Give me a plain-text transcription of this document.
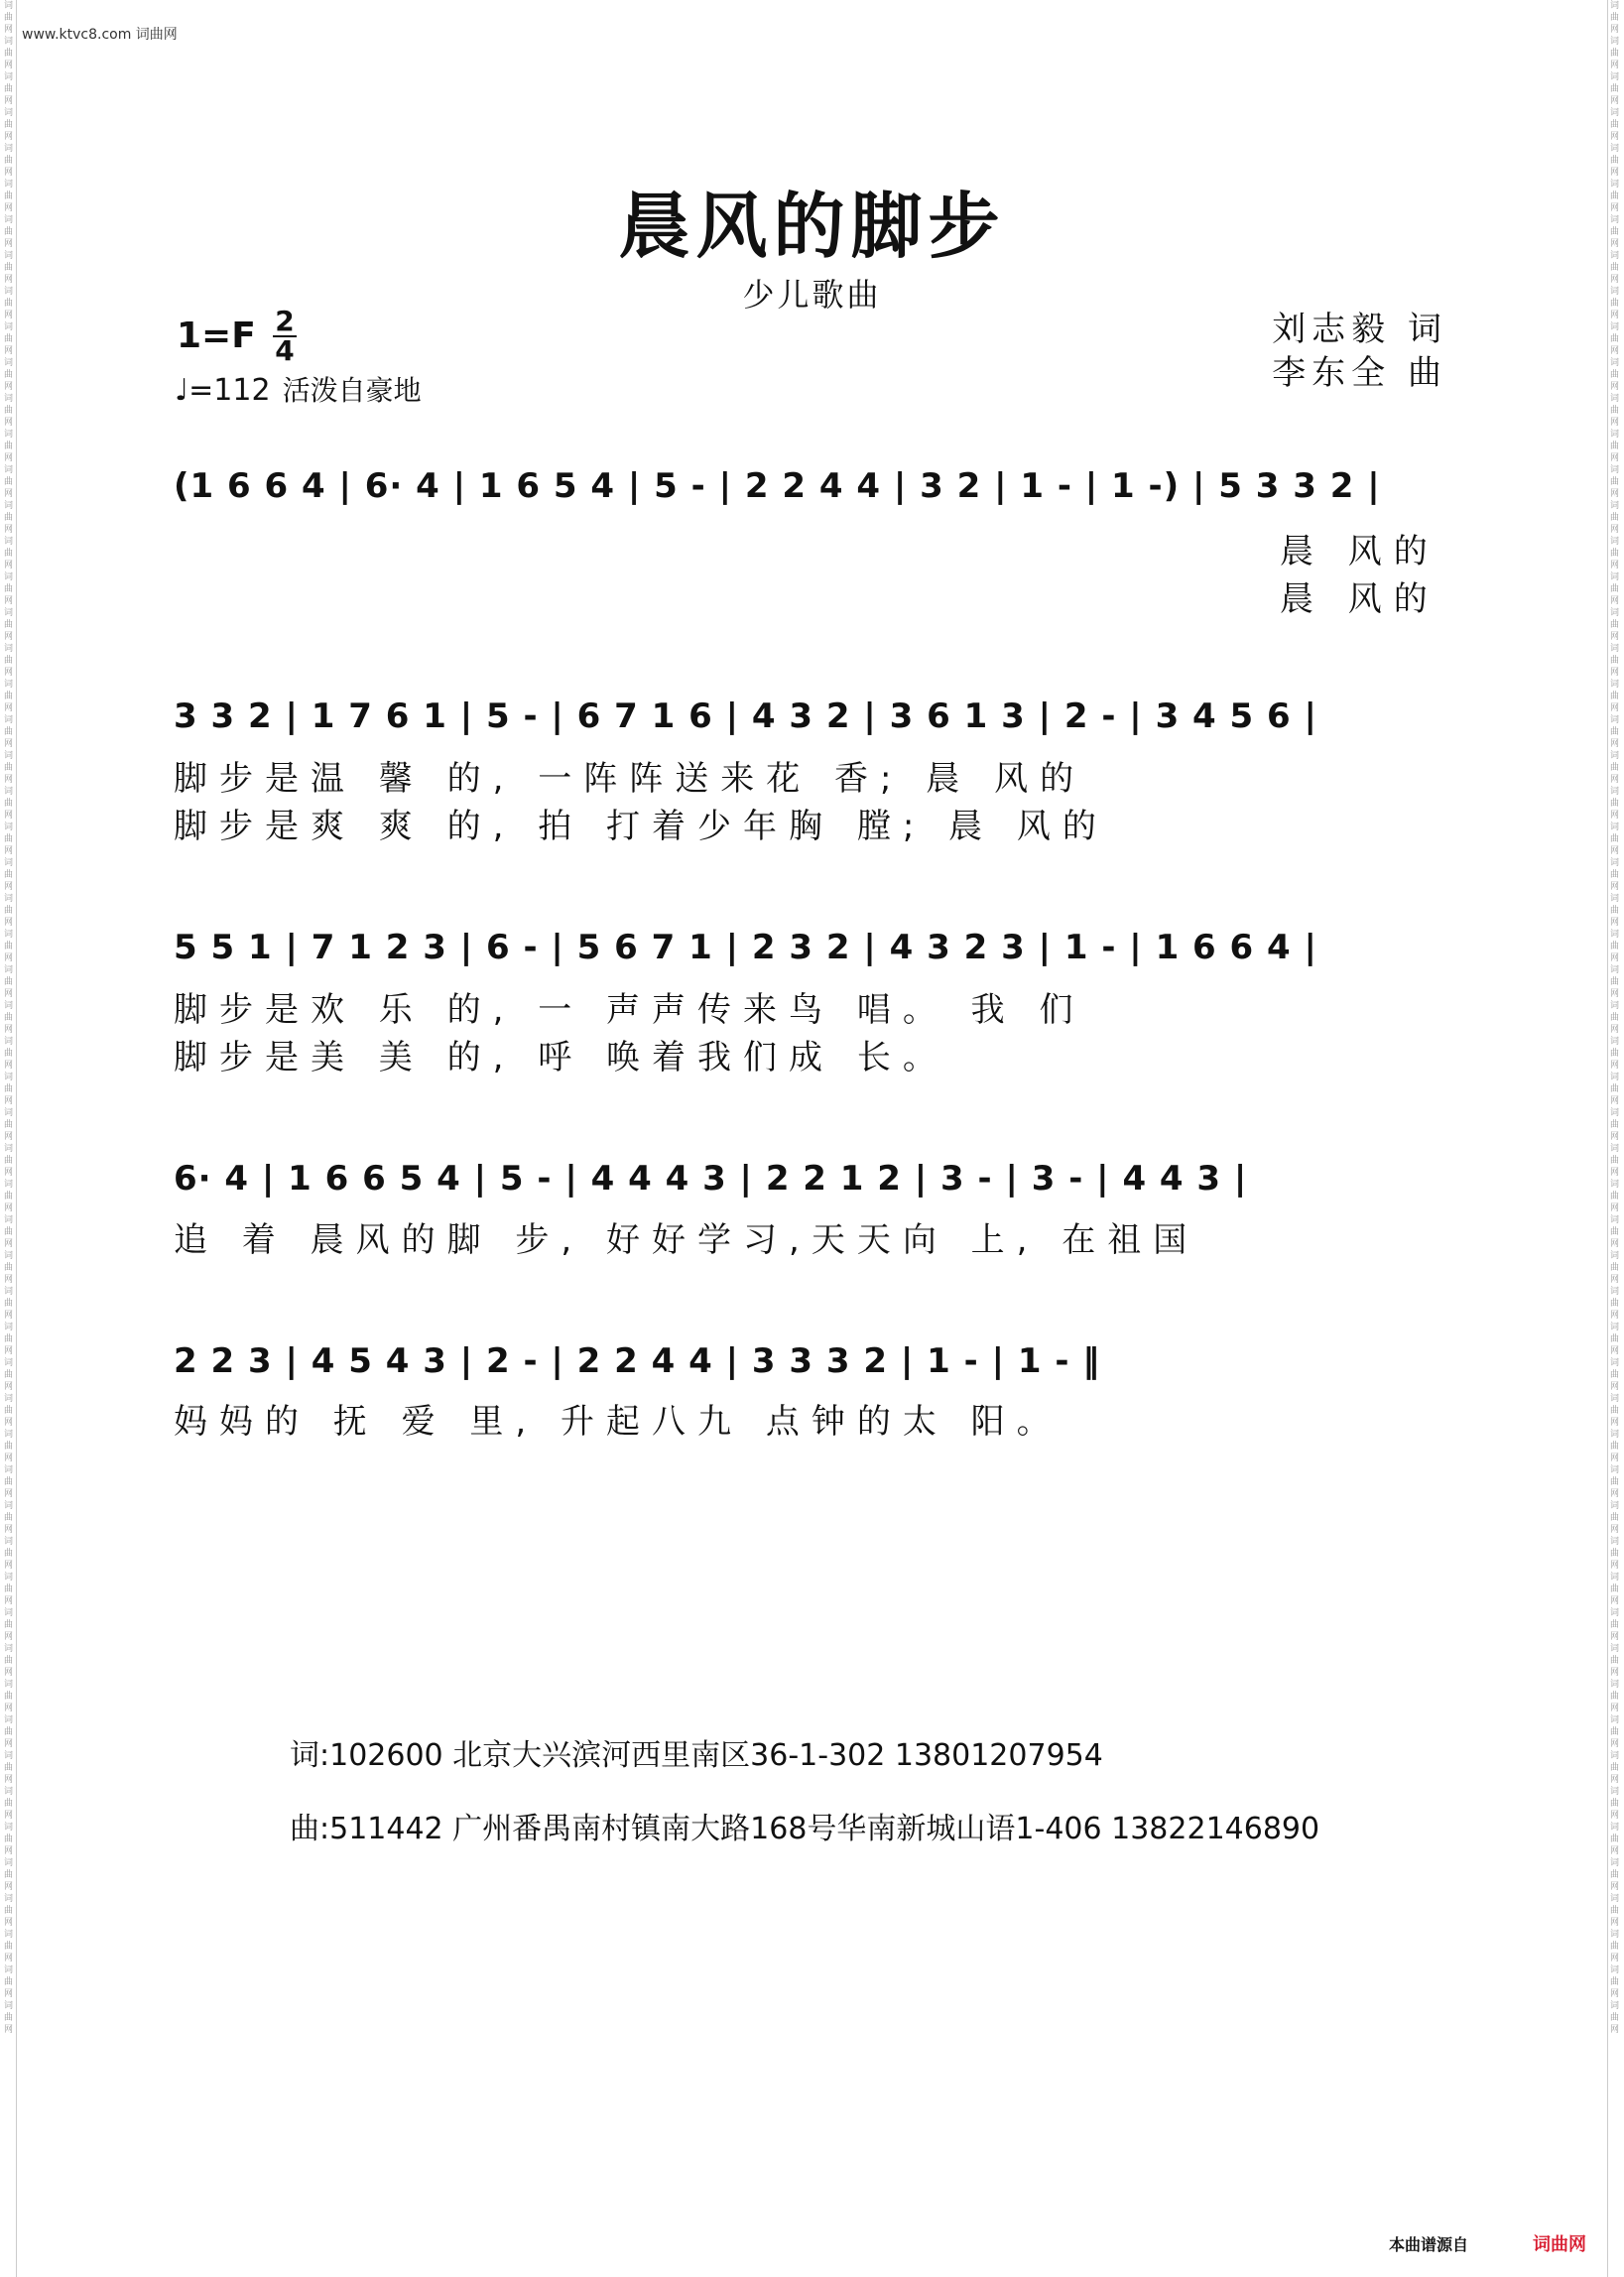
词曲网词曲网词曲网词曲网词曲网词曲网词曲网词曲网词曲网词曲网词曲网词曲网词曲网词曲网词曲网词曲网词曲网词曲网词曲网词曲网词曲网词曲网词曲网词曲网词曲网词曲网词曲网词曲网词曲网词曲网词曲网词曲网词曲网词曲网词曲网词曲网词曲网词曲网词曲网词曲网词曲网词曲网词曲网词曲网词曲网词曲网词曲网词曲网词曲网词曲网词曲网词曲网词曲网词曲网词曲网词曲网词曲网
词曲网词曲网词曲网词曲网词曲网词曲网词曲网词曲网词曲网词曲网词曲网词曲网词曲网词曲网词曲网词曲网词曲网词曲网词曲网词曲网词曲网词曲网词曲网词曲网词曲网词曲网词曲网词曲网词曲网词曲网词曲网词曲网词曲网词曲网词曲网词曲网词曲网词曲网词曲网词曲网词曲网词曲网词曲网词曲网词曲网词曲网词曲网词曲网词曲网词曲网词曲网词曲网词曲网词曲网词曲网词曲网词曲网
www.ktvc8.com 词曲网
晨风的脚步
少儿歌曲
1=F 2
4
♩=112 活泼自豪地
刘志毅 词
李东全 曲
(1 6 6 4 | 6· 4 | 1 6 5 4 | 5 - | 2 2 4 4 | 3 2 | 1 - | 1 -) | 5 3 3 2 |
晨 风的
晨 风的
3 3 2 | 1 7 6 1 | 5 - | 6 7 1 6 | 4 3 2 | 3 6 1 3 | 2 - | 3 4 5 6 |
脚步是温 馨 的, 一阵阵送来花 香; 晨 风的
脚步是爽 爽 的, 拍 打着少年胸 膛; 晨 风的
5 5 1 | 7 1 2 3 | 6 - | 5 6 7 1 | 2 3 2 | 4 3 2 3 | 1 - | 1 6 6 4 |
脚步是欢 乐 的, 一 声声传来鸟 唱。 我 们
脚步是美 美 的, 呼 唤着我们成 长。
6· 4 | 1 6 6 5 4 | 5 - | 4 4 4 3 | 2 2 1 2 | 3 - | 3 - | 4 4 3 |
追 着 晨风的脚 步, 好好学习,天天向 上, 在祖国
2 2 3 | 4 5 4 3 | 2 - | 2 2 4 4 | 3 3 3 2 | 1 - | 1 - ‖
妈妈的 抚 爱 里, 升起八九 点钟的太 阳。
词:102600 北京大兴滨河西里南区36-1-302 13801207954
曲:511442 广州番禺南村镇南大路168号华南新城山语1-406 13822146890
本曲谱源自	词曲网
